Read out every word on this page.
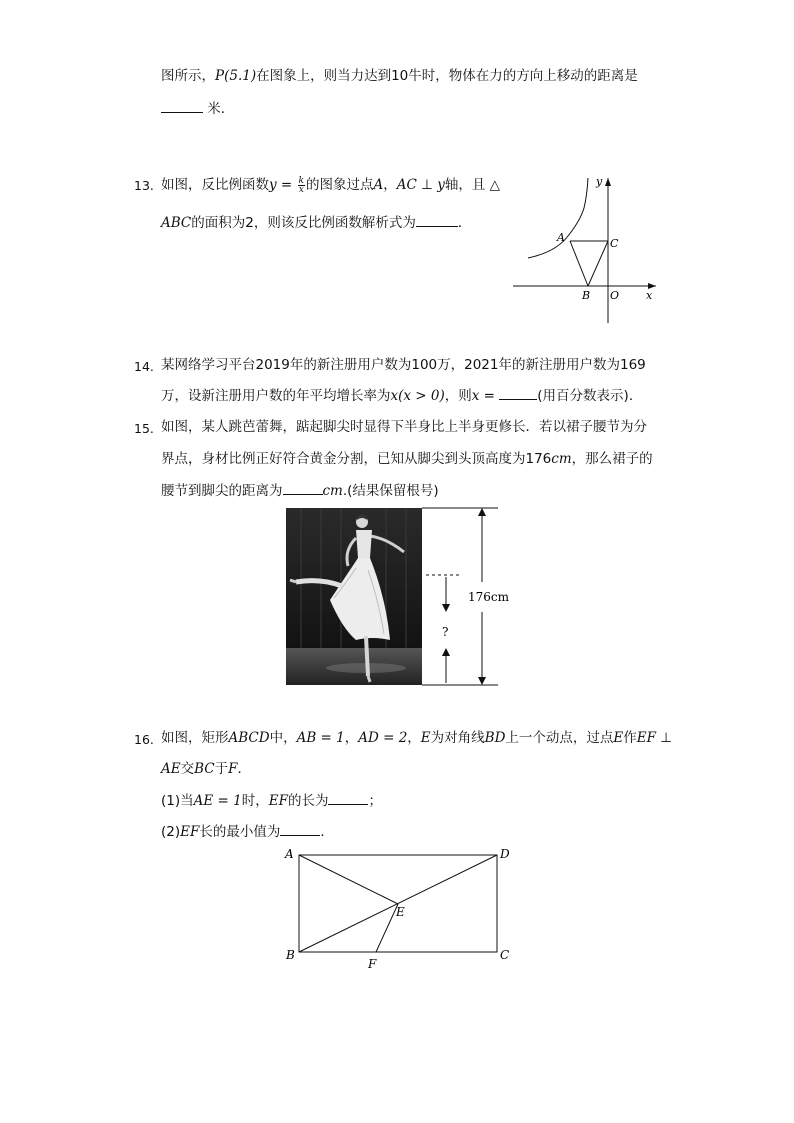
图所示，P(5.1)在图象上，则当力达到10牛时，物体在力的方向上移动的距离是
米．
13. 如图，反比例函数$y = \frac{k}{x}$ 的图象过点A，AC ⊥ y轴，且 △
ABC的面积为2，则该反比例函数解析式为	．
y
x
A	C
B O
14. 某网络学习平台2019年的新注册用户数为100万，2021年的新注册用户数为169
万，设新注册用户数的年平均增长率为x(x > 0)，则x =	(用百分数表示)．
15. 如图，某人跳芭蕾舞，踮起脚尖时显得下半身比上半身更修长．若以裙子腰节为分
界点，身材比例正好符合黄金分割，已知从脚尖到头顶高度为176cm，那么裙子的
腰节到脚尖的距离为	cm.(结果保留根号)
176cm
?
16. 如图，矩形ABCD中，AB = 1，AD = 2，E为对角线BD上一个动点，过点E作EF ⊥
AE交BC于F．
(1)当AE = 1时，EF的长为	；
(2)EF长的最小值为	．
A	D
B	C
E
F
